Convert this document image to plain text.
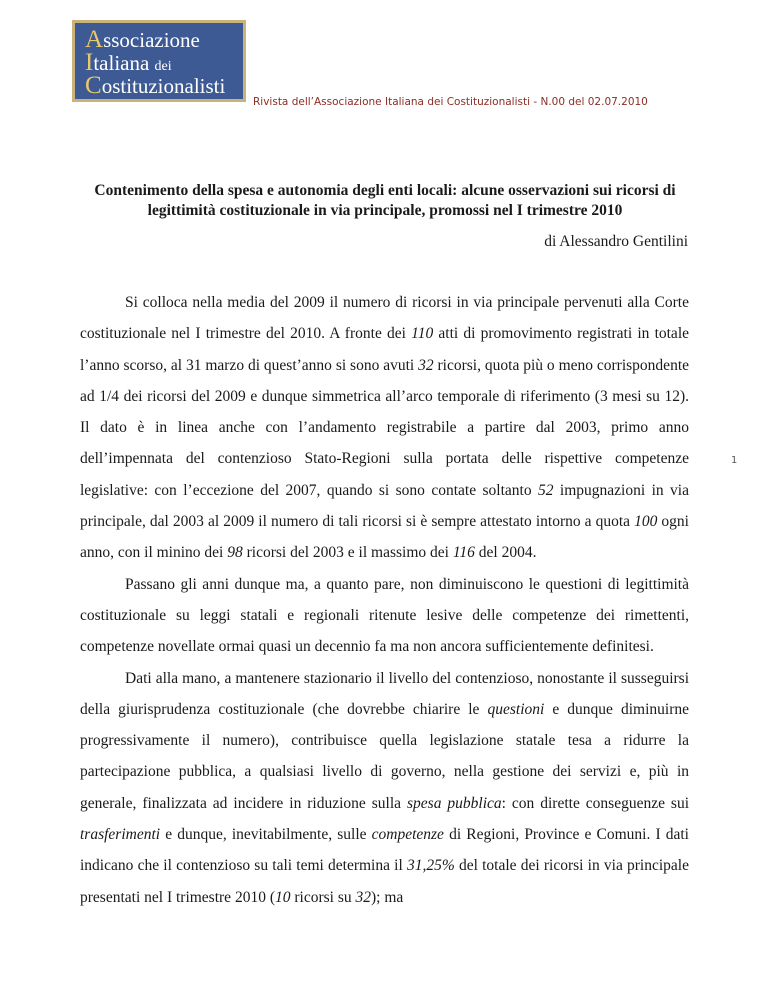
Associazione
Italiana dei
Costituzionalisti
Rivista dell’Associazione Italiana dei Costituzionalisti - N.00 del 02.07.2010
Contenimento della spesa e autonomia degli enti locali: alcune osservazioni sui ricorsi di legittimità costituzionale in via principale, promossi nel I trimestre 2010
di Alessandro Gentilini

Si colloca nella media del 2009 il numero di ricorsi in via principale pervenuti alla Corte costituzionale nel I trimestre del 2010. A fronte dei 110 atti di promovimento registrati in totale l’anno scorso, al 31 marzo di quest’anno si sono avuti 32 ricorsi, quota più o meno corrispondente ad 1/4 dei ricorsi del 2009 e dunque simmetrica all’arco temporale di riferimento (3 mesi su 12). Il dato è in linea anche con l’andamento registrabile a partire dal 2003, primo anno dell’impennata del contenzioso Stato-Regioni sulla portata delle rispettive competenze legislative: con l’eccezione del 2007, quando si sono contate soltanto 52 impugnazioni in via principale, dal 2003 al 2009 il numero di tali ricorsi si è sempre attestato intorno a quota 100 ogni anno, con il minino dei 98 ricorsi del 2003 e il massimo dei 116 del 2004.

Passano gli anni dunque ma, a quanto pare, non diminuiscono le questioni di legittimità costituzionale su leggi statali e regionali ritenute lesive delle competenze dei rimettenti, competenze novellate ormai quasi un decennio fa ma non ancora sufficientemente definitesi.

Dati alla mano, a mantenere stazionario il livello del contenzioso, nonostante il susseguirsi della giurisprudenza costituzionale (che dovrebbe chiarire le questioni e dunque diminuirne progressivamente il numero), contribuisce quella legislazione statale tesa a ridurre la partecipazione pubblica, a qualsiasi livello di governo, nella gestione dei servizi e, più in generale, finalizzata ad incidere in riduzione sulla spesa pubblica: con dirette conseguenze sui trasferimenti e dunque, inevitabilmente, sulle competenze di Regioni, Province e Comuni. I dati indicano che il contenzioso su tali temi determina il 31,25% del totale dei ricorsi in via principale presentati nel I trimestre 2010 (10 ricorsi su 32); ma

1
